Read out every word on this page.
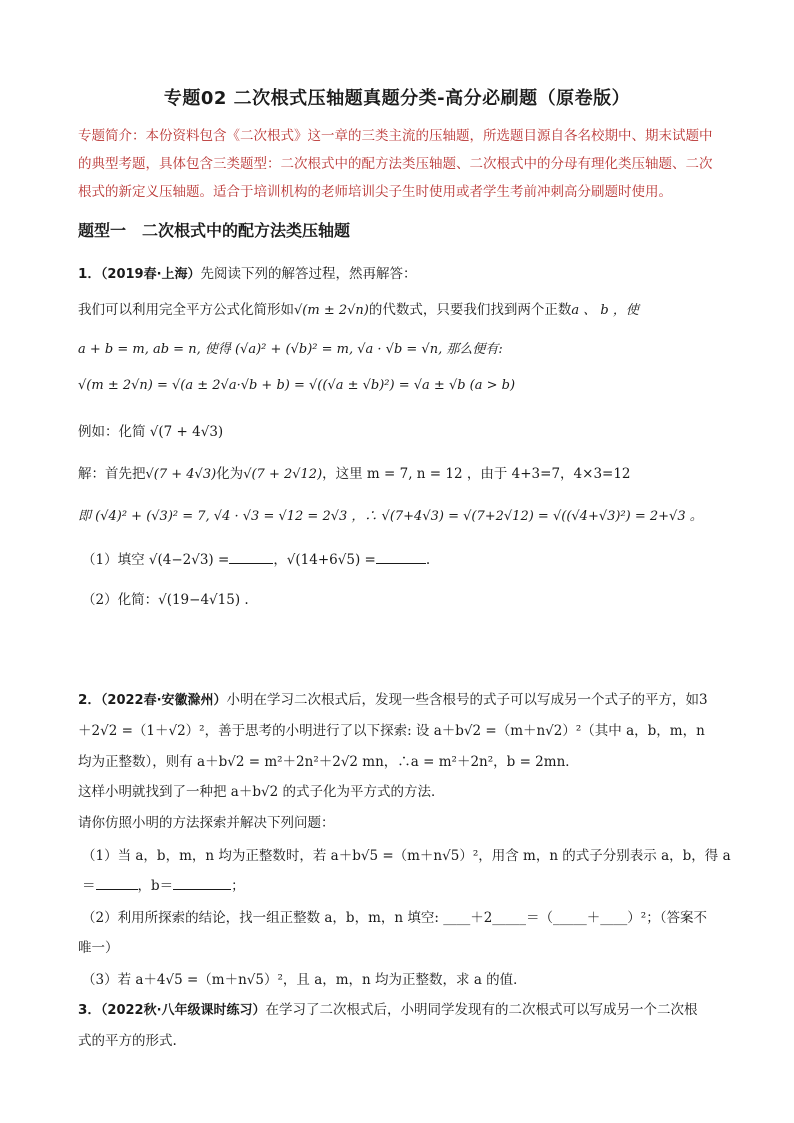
专题02 二次根式压轴题真题分类-高分必刷题（原卷版）
专题简介：本份资料包含《二次根式》这一章的三类主流的压轴题，所选题目源自各名校期中、期末试题中的典型考题，具体包含三类题型：二次根式中的配方法类压轴题、二次根式中的分母有理化类压轴题、二次根式的新定义压轴题。适合于培训机构的老师培训尖子生时使用或者学生考前冲刺高分刷题时使用。
题型一　二次根式中的配方法类压轴题
1．（2019春·上海）先阅读下列的解答过程，然再解答：
我们可以利用完全平方公式化简形如√(m ± 2√n)的代数式，只要我们找到两个正数a 、 b ，使
a + b = m, ab = n, 使得 (√a)² + (√b)² = m, √a · √b = √n, 那么便有:
√(m ± 2√n) = √(a ± 2√a·√b + b) = √((√a ± √b)²) = √a ± √b (a > b)
例如：化简 √(7 + 4√3)
解：首先把√(7 + 4√3)化为√(7 + 2√12)，这里 m = 7, n = 12 ，由于 4+3=7，4×3=12
即 (√4)² + (√3)² = 7, √4 · √3 = √12 = 2√3 ，∴ √(7+4√3) = √(7+2√12) = √((√4+√3)²) = 2+√3 。
（1）填空 √(4−2√3) =	，√(14+6√5) =	.
（2）化简：√(19−4√15) .
2．（2022春·安徽滁州）小明在学习二次根式后，发现一些含根号的式子可以写成另一个式子的平方，如3
＋2√2 =（1＋√2）²，善于思考的小明进行了以下探索: 设 a＋b√2 =（m＋n√2）²（其中 a，b，m，n
均为正整数），则有 a＋b√2 = m²＋2n²＋2√2 mn，∴a = m²＋2n²，b = 2mn．
这样小明就找到了一种把 a＋b√2 的式子化为平方式的方法．
请你仿照小明的方法探索并解决下列问题：
（1）当 a，b，m，n 均为正整数时，若 a＋b√5 =（m＋n√5）²，用含 m，n 的式子分别表示 a，b，得 a
＝	，b＝	；
（2）利用所探索的结论，找一组正整数 a，b，m，n 填空: ____＋2_____＝（_____＋____）²；（答案不
唯一）
（3）若 a＋4√5 =（m＋n√5）²，且 a，m，n 均为正整数，求 a 的值．
3．（2022秋·八年级课时练习）在学习了二次根式后，小明同学发现有的二次根式可以写成另一个二次根
式的平方的形式.
